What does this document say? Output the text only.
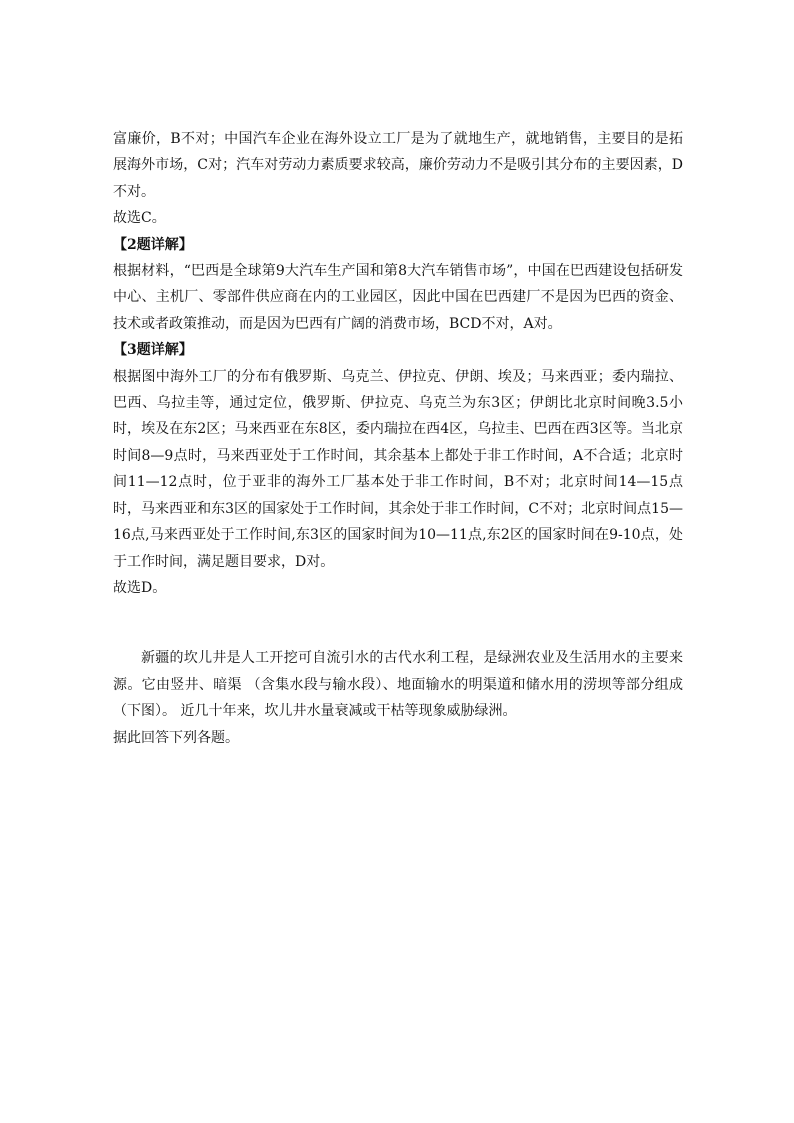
富廉价，B不对；中国汽车企业在海外设立工厂是为了就地生产，就地销售，主要目的是拓展海外市场，C对；汽车对劳动力素质要求较高，廉价劳动力不是吸引其分布的主要因素，D不对。

故选C。

【2题详解】

根据材料，“巴西是全球第9大汽车生产国和第8大汽车销售市场”，中国在巴西建设包括研发中心、主机厂、零部件供应商在内的工业园区，因此中国在巴西建厂不是因为巴西的资金、技术或者政策推动，而是因为巴西有广阔的消费市场，BCD不对，A对。

【3题详解】

根据图中海外工厂的分布有俄罗斯、乌克兰、伊拉克、伊朗、埃及；马来西亚；委内瑞拉、巴西、乌拉圭等，通过定位，俄罗斯、伊拉克、乌克兰为东3区；伊朗比北京时间晚3.5小时，埃及在东2区；马来西亚在东8区，委内瑞拉在西4区，乌拉圭、巴西在西3区等。当北京时间8—9点时，马来西亚处于工作时间，其余基本上都处于非工作时间，A不合适；北京时间11—12点时，位于亚非的海外工厂基本处于非工作时间，B不对；北京时间14—15点时，马来西亚和东3区的国家处于工作时间，其余处于非工作时间，C不对；北京时间点15—16点,马来西亚处于工作时间,东3区的国家时间为10—11点,东2区的国家时间在9-10点，处于工作时间，满足题目要求，D对。

故选D。

新疆的坎儿井是人工开挖可自流引水的古代水利工程，是绿洲农业及生活用水的主要来源。它由竖井、暗渠 （含集水段与输水段）、地面输水的明渠道和储水用的涝坝等部分组成（下图）。 近几十年来，坎儿井水量衰减或干枯等现象威胁绿洲。

据此回答下列各题。
